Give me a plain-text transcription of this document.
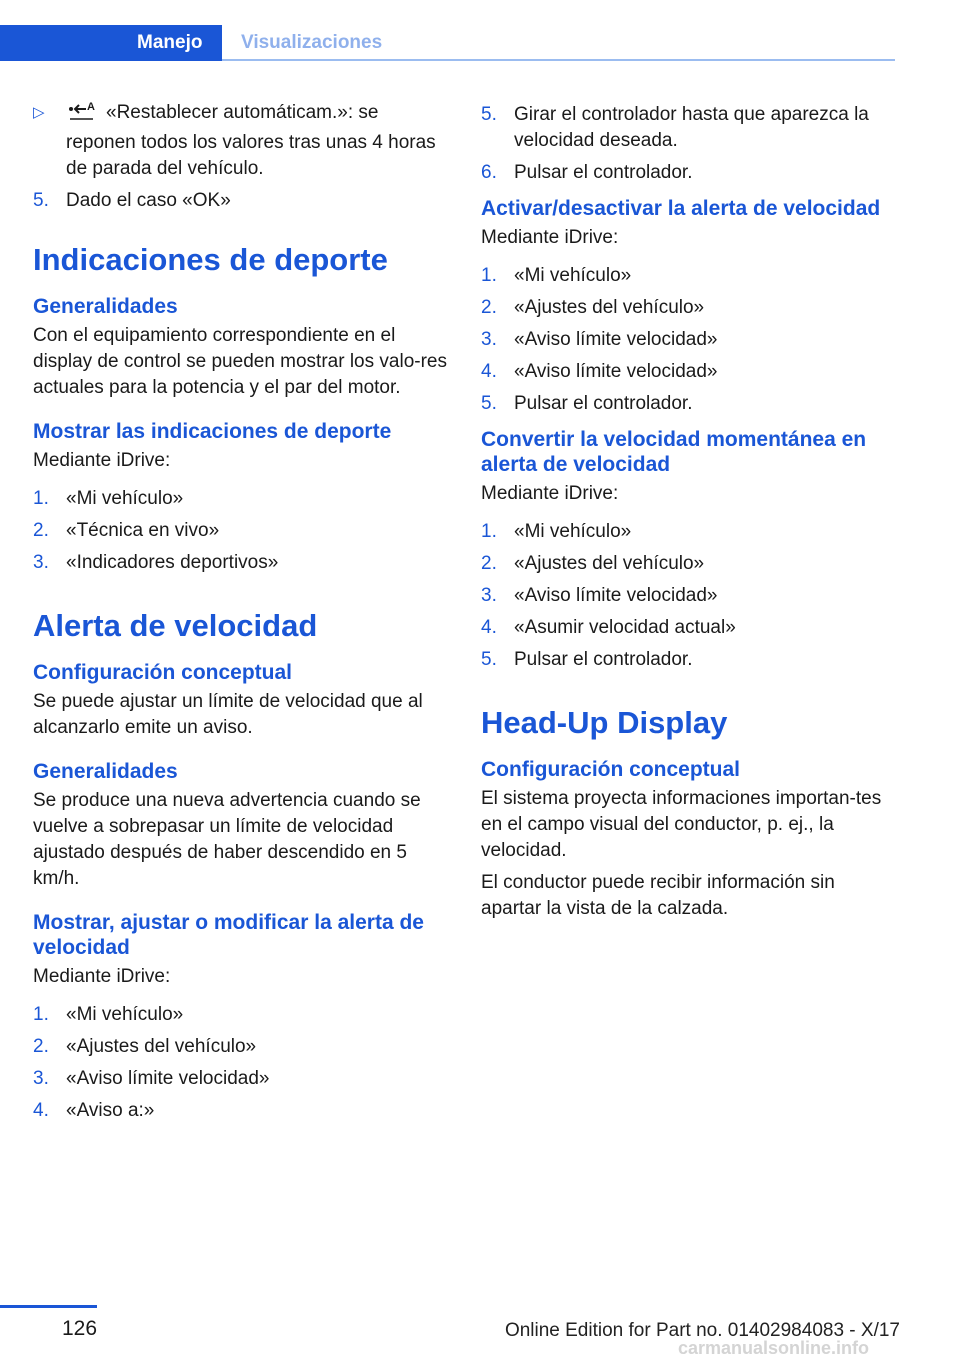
Manejo	Visualizaciones
▷	A «Restablecer automáticam.»: se reponen todos los valores tras unas 4 horas de parada del vehículo.
5. Dado el caso «OK»
Indicaciones de deporte
Generalidades

Con el equipamiento correspondiente en el display de control se pueden mostrar los valo‐res actuales para la potencia y el par del motor.

Mostrar las indicaciones de deporte

Mediante iDrive:

1. «Mi vehículo»
2. «Técnica en vivo»
3. «Indicadores deportivos»
Alerta de velocidad
Configuración conceptual

Se puede ajustar un límite de velocidad que al alcanzarlo emite un aviso.

Generalidades

Se produce una nueva advertencia cuando se vuelve a sobrepasar un límite de velocidad ajustado después de haber descendido en 5 km/h.

Mostrar, ajustar o modificar la alerta de velocidad

Mediante iDrive:

1. «Mi vehículo»
2. «Ajustes del vehículo»
3. «Aviso límite velocidad»
4. «Aviso a:»
5. Girar el controlador hasta que aparezca la velocidad deseada.
6. Pulsar el controlador.
Activar/desactivar la alerta de velocidad

Mediante iDrive:

1. «Mi vehículo»
2. «Ajustes del vehículo»
3. «Aviso límite velocidad»
4. «Aviso límite velocidad»
5. Pulsar el controlador.
Convertir la velocidad momentánea en alerta de velocidad

Mediante iDrive:

1. «Mi vehículo»
2. «Ajustes del vehículo»
3. «Aviso límite velocidad»
4. «Asumir velocidad actual»
5. Pulsar el controlador.
Head-Up Display
Configuración conceptual

El sistema proyecta informaciones importan‐tes en el campo visual del conductor, p. ej., la velocidad.

El conductor puede recibir información sin apartar la vista de la calzada.

126	Online Edition for Part no. 01402984083 - X/17
carmanualsonline.info
